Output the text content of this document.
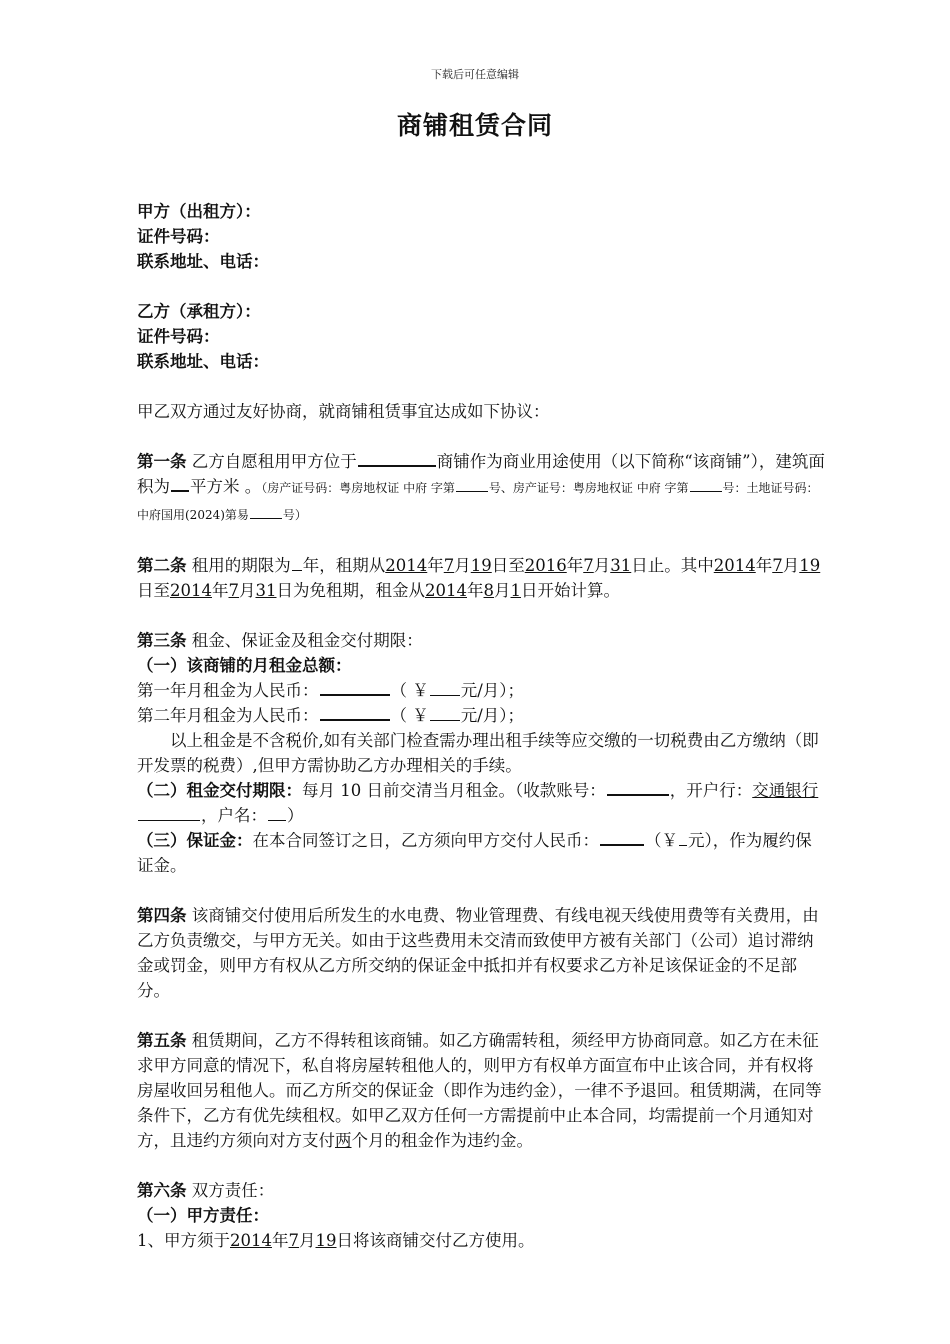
下载后可任意编辑
商铺租赁合同

甲方（出租方）：

证件号码：

联系地址、电话：

乙方（承租方）：

证件号码：

联系地址、电话：

甲乙双方通过友好协商，就商铺租赁事宜达成如下协议：

第一条 乙方自愿租用甲方位于	商铺作为商业用途使用（以下简称“该商铺”），建筑面积为 平方米 。（房产证号码：粤房地权证 中府 字第	号、房产证号：粤房地权证 中府 字第	号：土地证号码：中府国用(2024)第易	号）

第二条 租用的期限为 年，租期从2014年7月19日至2016年7月31日止。其中2014年7月19日至2014年7月31日为免租期，租金从2014年8月1日开始计算。

第三条 租金、保证金及租金交付期限：

（一）该商铺的月租金总额：

第一年月租金为人民币：	（ ￥ 元/月）；

第二年月租金为人民币：	（ ￥ 元/月）；

以上租金是不含税价,如有关部门检查需办理出租手续等应交缴的一切税费由乙方缴纳（即开发票的税费）,但甲方需协助乙方办理相关的手续。

（二）租金交付期限：每月 10 日前交清当月租金。（收款账号：	，开户行：交通银行，户名： ）

（三）保证金：在本合同签订之日，乙方须向甲方交付人民币：	（￥ 元），作为履约保证金。

第四条 该商铺交付使用后所发生的水电费、物业管理费、有线电视天线使用费等有关费用，由乙方负责缴交，与甲方无关。如由于这些费用未交清而致使甲方被有关部门（公司）追讨滞纳金或罚金，则甲方有权从乙方所交纳的保证金中抵扣并有权要求乙方补足该保证金的不足部分。

第五条 租赁期间，乙方不得转租该商铺。如乙方确需转租，须经甲方协商同意。如乙方在未征求甲方同意的情况下，私自将房屋转租他人的，则甲方有权单方面宣布中止该合同，并有权将房屋收回另租他人。而乙方所交的保证金（即作为违约金），一律不予退回。租赁期满，在同等条件下，乙方有优先续租权。如甲乙双方任何一方需提前中止本合同，均需提前一个月通知对方，且违约方须向对方支付两个月的租金作为违约金。

第六条 双方责任：

（一）甲方责任：

1、甲方须于2014年7月19日将该商铺交付乙方使用。
